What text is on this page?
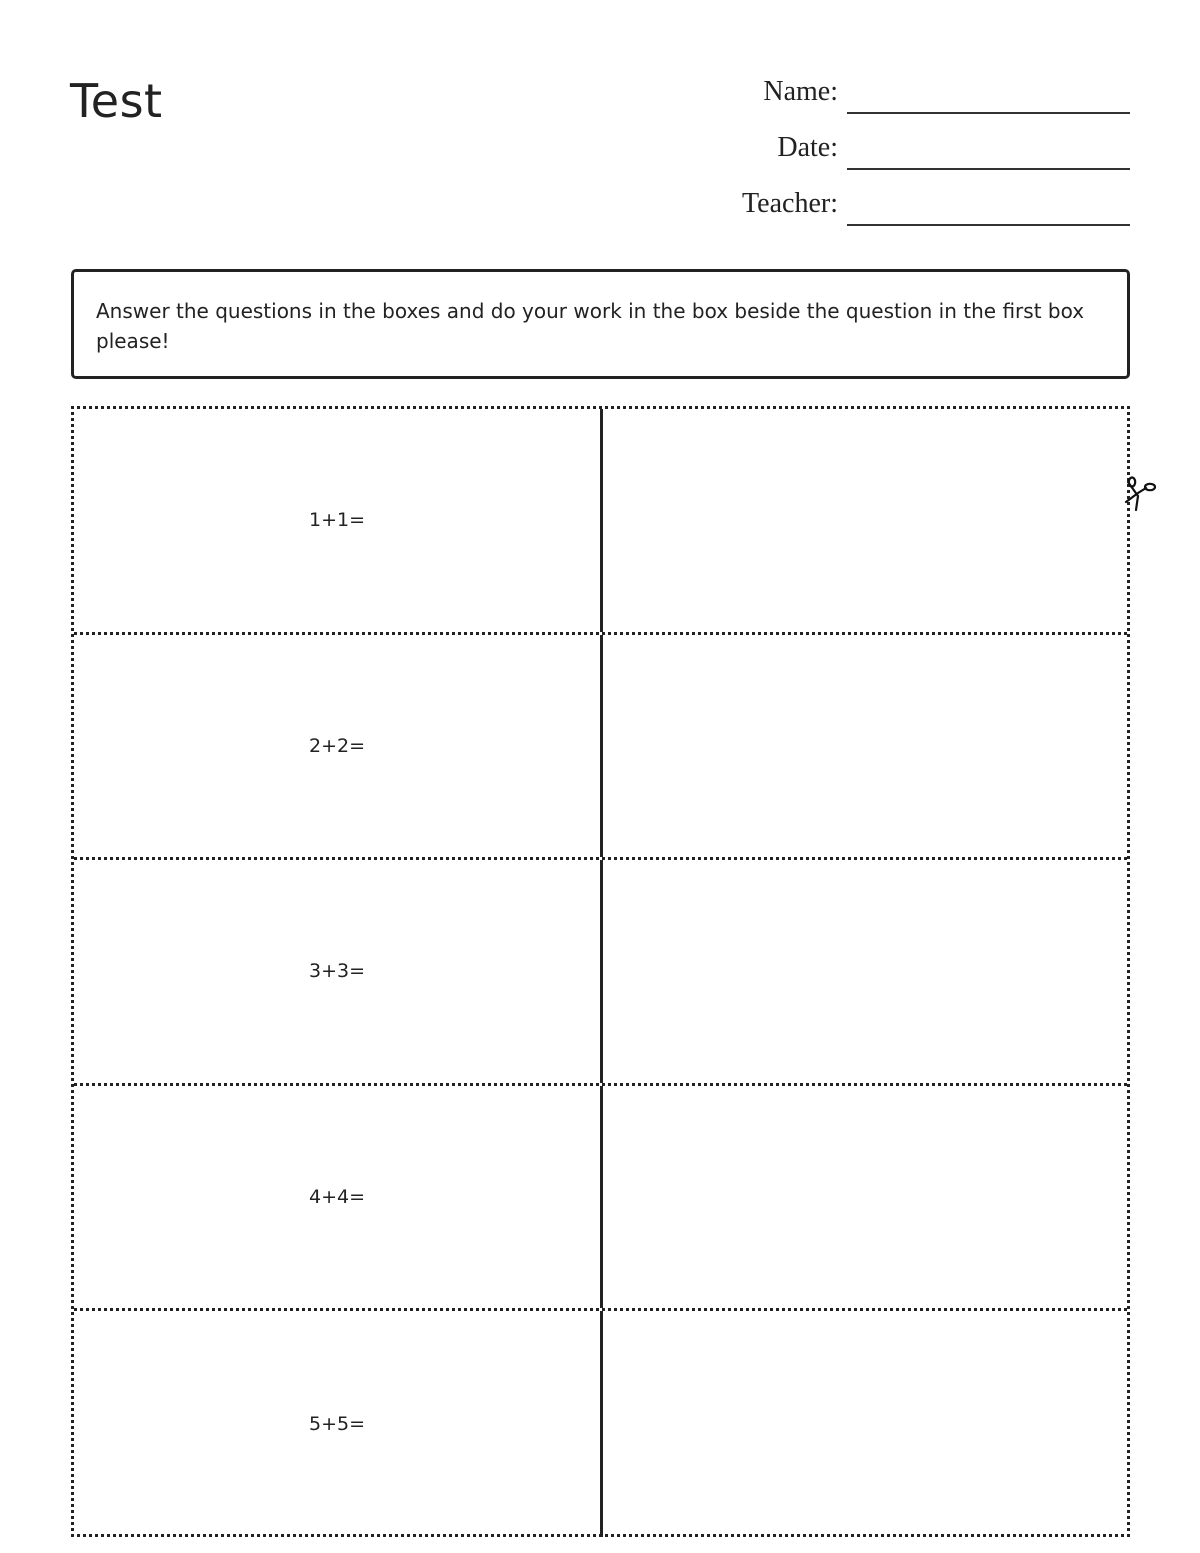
Test	Name:
Date:
Teacher:
Answer the questions in the boxes and do your work in the box beside the question in the first box please!
1+1=
2+2=
3+3=
4+4=
5+5=
